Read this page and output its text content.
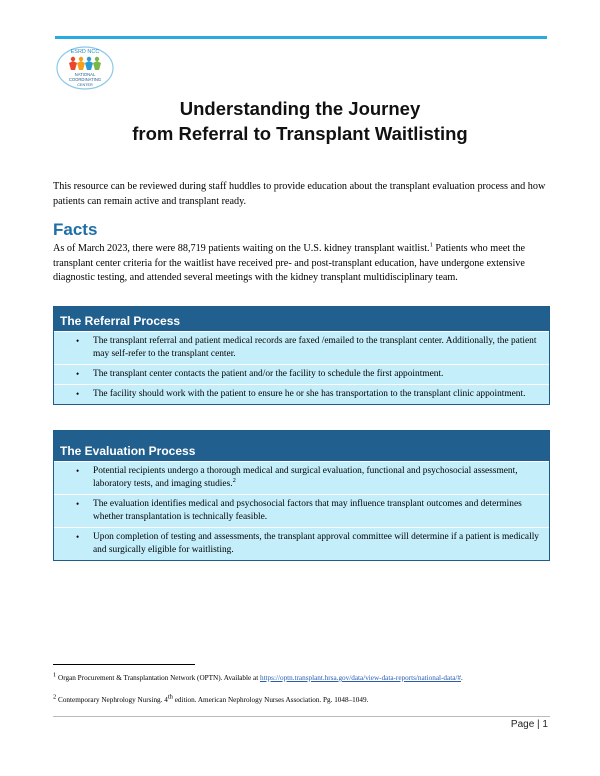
ESRD NCC
NATIONAL
COORDINATING
CENTER
Understanding the Journey
from Referral to Transplant Waitlisting
This resource can be reviewed during staff huddles to provide education about the transplant evaluation process and how patients can remain active and transplant ready.
Facts
As of March 2023, there were 88,719 patients waiting on the U.S. kidney transplant waitlist.$^1$ Patients who meet the transplant center criteria for the waitlist have received pre- and post-transplant education, have undergone extensive diagnostic testing, and attended several meetings with the kidney transplant multidisciplinary team.
The Referral Process
• The transplant referral and patient medical records are faxed /emailed to the transplant center. Additionally, the patient may self-refer to the transplant center.
• The transplant center contacts the patient and/or the facility to schedule the first appointment.
• The facility should work with the patient to ensure he or she has transportation to the transplant clinic appointment.
The Evaluation Process
• Potential recipients undergo a thorough medical and surgical evaluation, functional and psychosocial assessment, laboratory tests, and imaging studies.$^2$
• The evaluation identifies medical and psychosocial factors that may influence transplant outcomes and determines whether transplantation is technically feasible.
• Upon completion of testing and assessments, the transplant approval committee will determine if a patient is medically and surgically eligible for waitlisting.
$^1$ Organ Procurement & Transplantation Network (OPTN). Available at https://optn.transplant.hrsa.gov/data/view-data-reports/national-data/#.
$^2$ Contemporary Nephrology Nursing. 4th edition. American Nephrology Nurses Association. Pg. 1048–1049.
Page | 1
